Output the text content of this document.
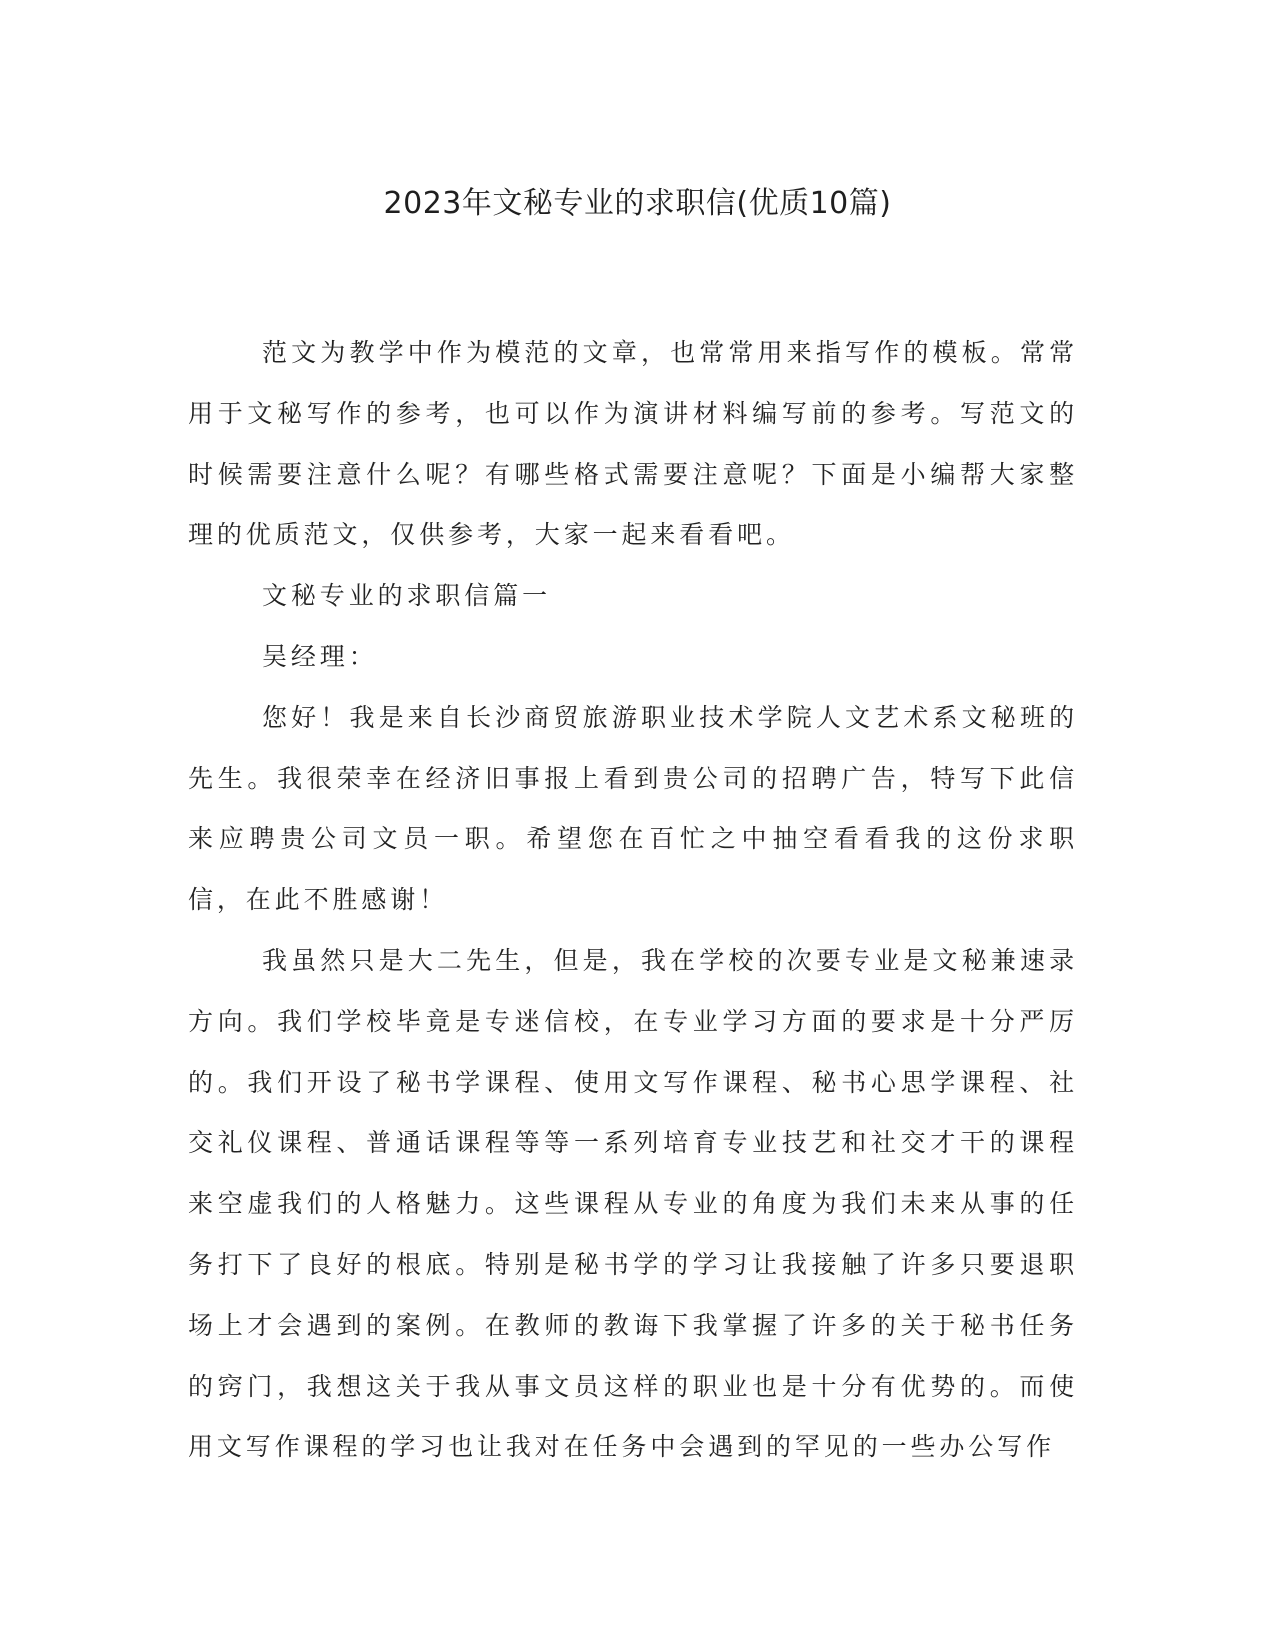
2023年文秘专业的求职信(优质10篇)

范文为教学中作为模范的文章，也常常用来指写作的模板。常常用于文秘写作的参考，也可以作为演讲材料编写前的参考。写范文的时候需要注意什么呢？有哪些格式需要注意呢？下面是小编帮大家整理的优质范文，仅供参考，大家一起来看看吧。

文秘专业的求职信篇一

吴经理：

您好！我是来自长沙商贸旅游职业技术学院人文艺术系文秘班的先生。我很荣幸在经济旧事报上看到贵公司的招聘广告，特写下此信来应聘贵公司文员一职。希望您在百忙之中抽空看看我的这份求职信，在此不胜感谢！

我虽然只是大二先生，但是，我在学校的次要专业是文秘兼速录方向。我们学校毕竟是专迷信校，在专业学习方面的要求是十分严厉的。我们开设了秘书学课程、使用文写作课程、秘书心思学课程、社交礼仪课程、普通话课程等等一系列培育专业技艺和社交才干的课程来空虚我们的人格魅力。这些课程从专业的角度为我们未来从事的任务打下了良好的根底。特别是秘书学的学习让我接触了许多只要退职场上才会遇到的案例。在教师的教诲下我掌握了许多的关于秘书任务的窍门，我想这关于我从事文员这样的职业也是十分有优势的。而使用文写作课程的学习也让我对在任务中会遇到的罕见的一些办公写作
